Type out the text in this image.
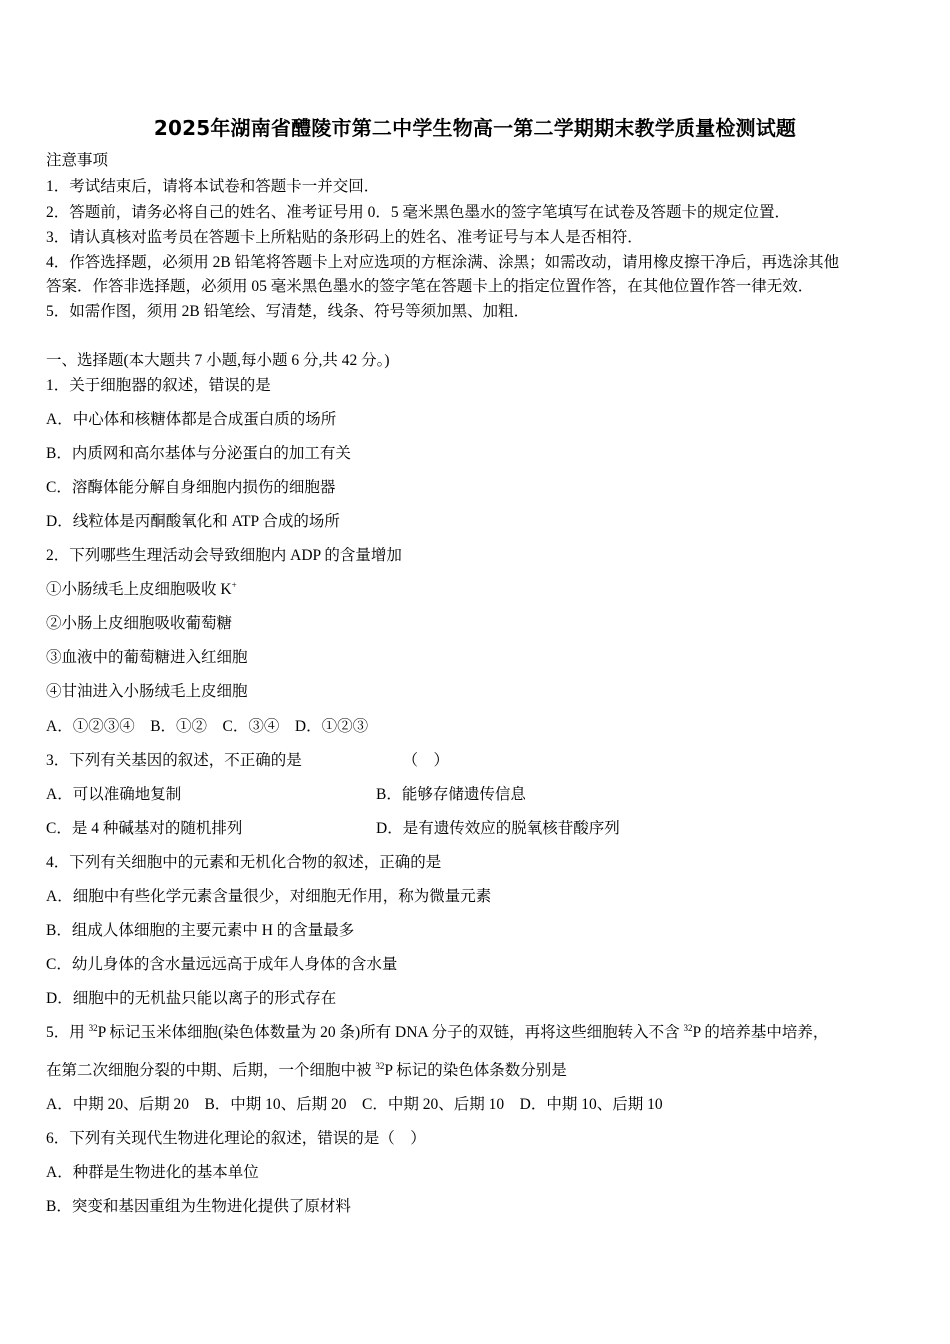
2025年湖南省醴陵市第二中学生物高一第二学期期末教学质量检测试题
注意事项
1．考试结束后，请将本试卷和答题卡一并交回．
2．答题前，请务必将自己的姓名、准考证号用 0．5 毫米黑色墨水的签字笔填写在试卷及答题卡的规定位置．
3．请认真核对监考员在答题卡上所粘贴的条形码上的姓名、准考证号与本人是否相符．
4．作答选择题，必须用 2B 铅笔将答题卡上对应选项的方框涂满、涂黑；如需改动，请用橡皮擦干净后，再选涂其他
答案．作答非选择题，必须用 05 毫米黑色墨水的签字笔在答题卡上的指定位置作答，在其他位置作答一律无效．
5．如需作图，须用 2B 铅笔绘、写清楚，线条、符号等须加黑、加粗．
一、选择题(本大题共 7 小题,每小题 6 分,共 42 分。)
1．关于细胞器的叙述，错误的是
A．中心体和核糖体都是合成蛋白质的场所
B．内质网和高尔基体与分泌蛋白的加工有关
C．溶酶体能分解自身细胞内损伤的细胞器
D．线粒体是丙酮酸氧化和 ATP 合成的场所
2．下列哪些生理活动会导致细胞内 ADP 的含量增加
①小肠绒毛上皮细胞吸收 K+
②小肠上皮细胞吸收葡萄糖
③血液中的葡萄糖进入红细胞
④甘油进入小肠绒毛上皮细胞
A．①②③④　B．①②　C．③④　D．①②③
3．下列有关基因的叙述，不正确的是　　　　　　　（　）
A．可以准确地复制	B．能够存储遗传信息
C．是 4 种碱基对的随机排列	D．是有遗传效应的脱氧核苷酸序列
4．下列有关细胞中的元素和无机化合物的叙述，正确的是
A．细胞中有些化学元素含量很少，对细胞无作用，称为微量元素
B．组成人体细胞的主要元素中 H 的含量最多
C．幼儿身体的含水量远远高于成年人身体的含水量
D．细胞中的无机盐只能以离子的形式存在
5．用 $^{32}$P 标记玉米体细胞(染色体数量为 20 条)所有 DNA 分子的双链，再将这些细胞转入不含 $^{32}$P 的培养基中培养，
在第二次细胞分裂的中期、后期，一个细胞中被 $^{32}$P 标记的染色体条数分别是
A．中期 20、后期 20　B．中期 10、后期 20　C．中期 20、后期 10　D．中期 10、后期 10
6．下列有关现代生物进化理论的叙述，错误的是（　）
A．种群是生物进化的基本单位
B．突变和基因重组为生物进化提供了原材料
